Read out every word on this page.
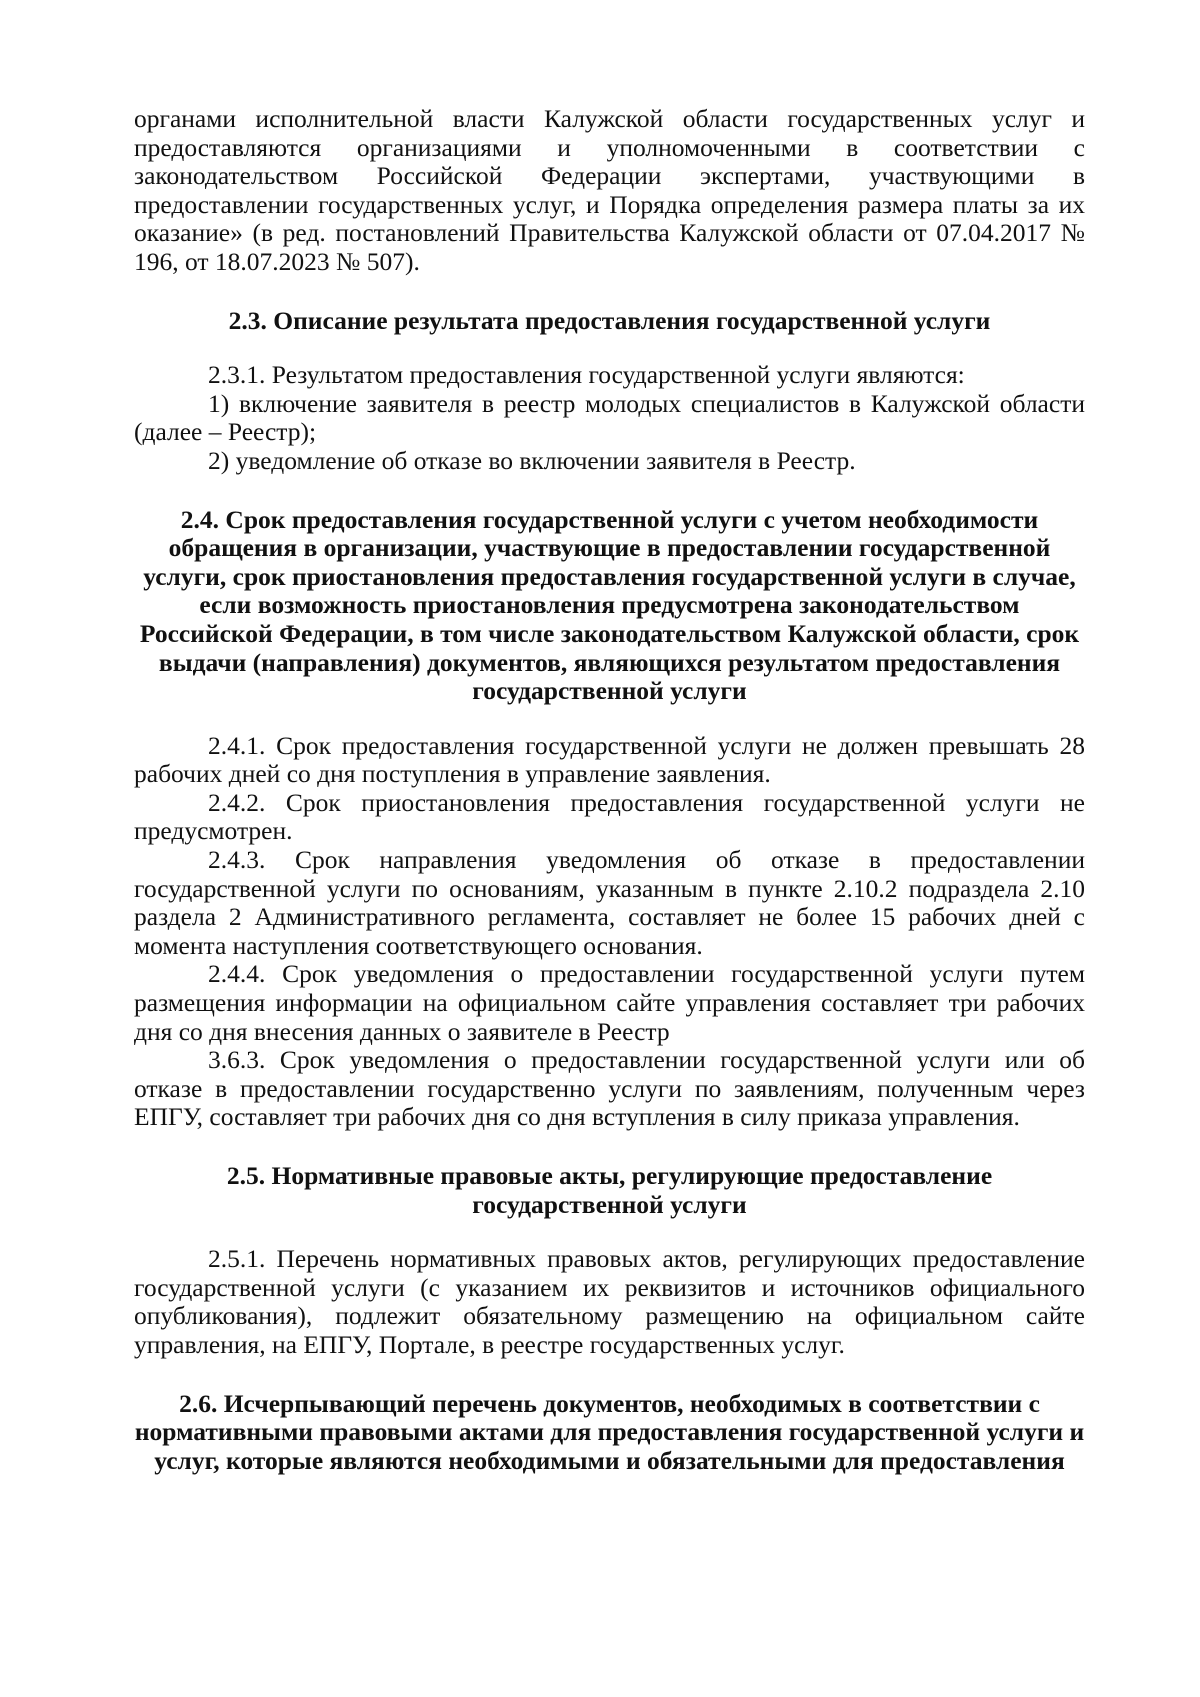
органами исполнительной власти Калужской области государственных услуг и предоставляются организациями и уполномоченными в соответствии с законодательством Российской Федерации экспертами, участвующими в предоставлении государственных услуг, и Порядка определения размера платы за их оказание» (в ред. постановлений Правительства Калужской области от 07.04.2017 № 196, от 18.07.2023 № 507).

2.3. Описание результата предоставления государственной услуги

2.3.1. Результатом предоставления государственной услуги являются:

1) включение заявителя в реестр молодых специалистов в Калужской области (далее – Реестр);

2) уведомление об отказе во включении заявителя в Реестр.

2.4. Срок предоставления государственной услуги с учетом необходимости обращения в организации, участвующие в предоставлении государственной услуги, срок приостановления предоставления государственной услуги в случае, если возможность приостановления предусмотрена законодательством Российской Федерации, в том числе законодательством Калужской области, срок выдачи (направления) документов, являющихся результатом предоставления государственной услуги

2.4.1. Срок предоставления государственной услуги не должен превышать 28 рабочих дней со дня поступления в управление заявления.

2.4.2. Срок приостановления предоставления государственной услуги не предусмотрен.

2.4.3. Срок направления уведомления об отказе в предоставлении государственной услуги по основаниям, указанным в пункте 2.10.2 подраздела 2.10 раздела 2 Административного регламента, составляет не более 15 рабочих дней с момента наступления соответствующего основания.

2.4.4. Срок уведомления о предоставлении государственной услуги путем размещения информации на официальном сайте управления составляет три рабочих дня со дня внесения данных о заявителе в Реестр

3.6.3. Срок уведомления о предоставлении государственной услуги или об отказе в предоставлении государственно услуги по заявлениям, полученным через ЕПГУ, составляет три рабочих дня со дня вступления в силу приказа управления.

2.5. Нормативные правовые акты, регулирующие предоставление государственной услуги

2.5.1. Перечень нормативных правовых актов, регулирующих предоставление государственной услуги (с указанием их реквизитов и источников официального опубликования), подлежит обязательному размещению на официальном сайте управления, на ЕПГУ, Портале, в реестре государственных услуг.

2.6. Исчерпывающий перечень документов, необходимых в соответствии с нормативными правовыми актами для предоставления государственной услуги и услуг, которые являются необходимыми и обязательными для предоставления
